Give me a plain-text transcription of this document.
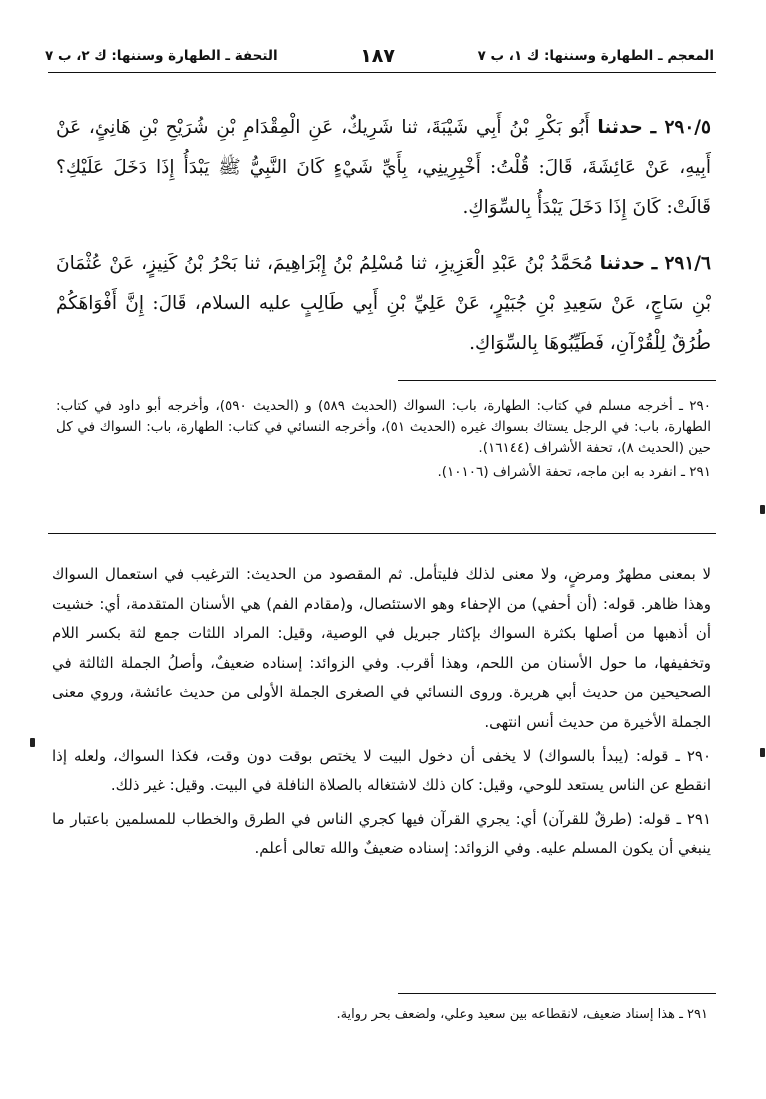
المعجم ـ الطهارة وسننها: ك ١، ب ٧
١٨٧
التحفة ـ الطهارة وسننها: ك ٢، ب ٧

٢٩٠/٥ ـ حدثنا أَبُو بَكْرِ بْنُ أَبِي شَيْبَةَ، ثنا شَرِيكٌ، عَنِ الْمِقْدَامِ بْنِ شُرَيْحِ بْنِ هَانِئٍ، عَنْ أَبِيهِ، عَنْ عَائِشَةَ، قَالَ: قُلْتُ: أَخْبِرِينِي، بِأَيِّ شَيْءٍ كَانَ النَّبِيُّ ﷺ يَبْدَأُ إِذَا دَخَلَ عَلَيْكِ؟ قَالَتْ: كَانَ إِذَا دَخَلَ يَبْدَأُ بِالسِّوَاكِ.

٢٩١/٦ ـ حدثنا مُحَمَّدُ بْنُ عَبْدِ الْعَزِيزِ، ثنا مُسْلِمُ بْنُ إِبْرَاهِيمَ، ثنا بَحْرُ بْنُ كَنِيزٍ، عَنْ عُثْمَانَ بْنِ سَاجٍ، عَنْ سَعِيدِ بْنِ جُبَيْرٍ، عَنْ عَلِيِّ بْنِ أَبِي طَالِبٍ عليه السلام، قَالَ: إِنَّ أَفْوَاهَكُمْ طُرُقٌ لِلْقُرْآنِ، فَطَيِّبُوهَا بِالسِّوَاكِ.

٢٩٠ ـ أخرجه مسلم في كتاب: الطهارة، باب: السواك (الحديث ٥٨٩) و (الحديث ٥٩٠)، وأخرجه أبو داود في كتاب: الطهارة، باب: في الرجل يستاك بسواك غيره (الحديث ٥١)، وأخرجه النسائي في كتاب: الطهارة، باب: السواك في كل حين (الحديث ٨)، تحفة الأشراف (١٦١٤٤).

٢٩١ ـ انفرد به ابن ماجه، تحفة الأشراف (١٠١٠٦).

لا بمعنى مطهرٌ ومرضٍ، ولا معنى لذلك فليتأمل. ثم المقصود من الحديث: الترغيب في استعمال السواك وهذا ظاهر. قوله: (أن أحفي) من الإحفاء وهو الاستئصال، و(مقادم الفم) هي الأسنان المتقدمة، أي: خشيت أن أذهبها من أصلها بكثرة السواك بإكثار جبريل في الوصية، وقيل: المراد اللثات جمع لثة بكسر اللام وتخفيفها، ما حول الأسنان من اللحم، وهذا أقرب. وفي الزوائد: إسناده ضعيفٌ، وأصلُ الجملة الثالثة في الصحيحين من حديث أبي هريرة. وروى النسائي في الصغرى الجملة الأولى من حديث عائشة، وروي معنى الجملة الأخيرة من حديث أنس انتهى.

٢٩٠ ـ قوله: (يبدأ بالسواك) لا يخفى أن دخول البيت لا يختص بوقت دون وقت، فكذا السواك، ولعله إذا انقطع عن الناس يستعد للوحي، وقيل: كان ذلك لاشتغاله بالصلاة النافلة في البيت. وقيل: غير ذلك.

٢٩١ ـ قوله: (طرقٌ للقرآن) أي: يجري القرآن فيها كجري الناس في الطرق والخطاب للمسلمين باعتبار ما ينبغي أن يكون المسلم عليه. وفي الزوائد: إسناده ضعيفٌ والله تعالى أعلم.

٢٩١ ـ هذا إسناد ضعيف، لانقطاعه بين سعيد وعلي، ولضعف بحر رواية.
